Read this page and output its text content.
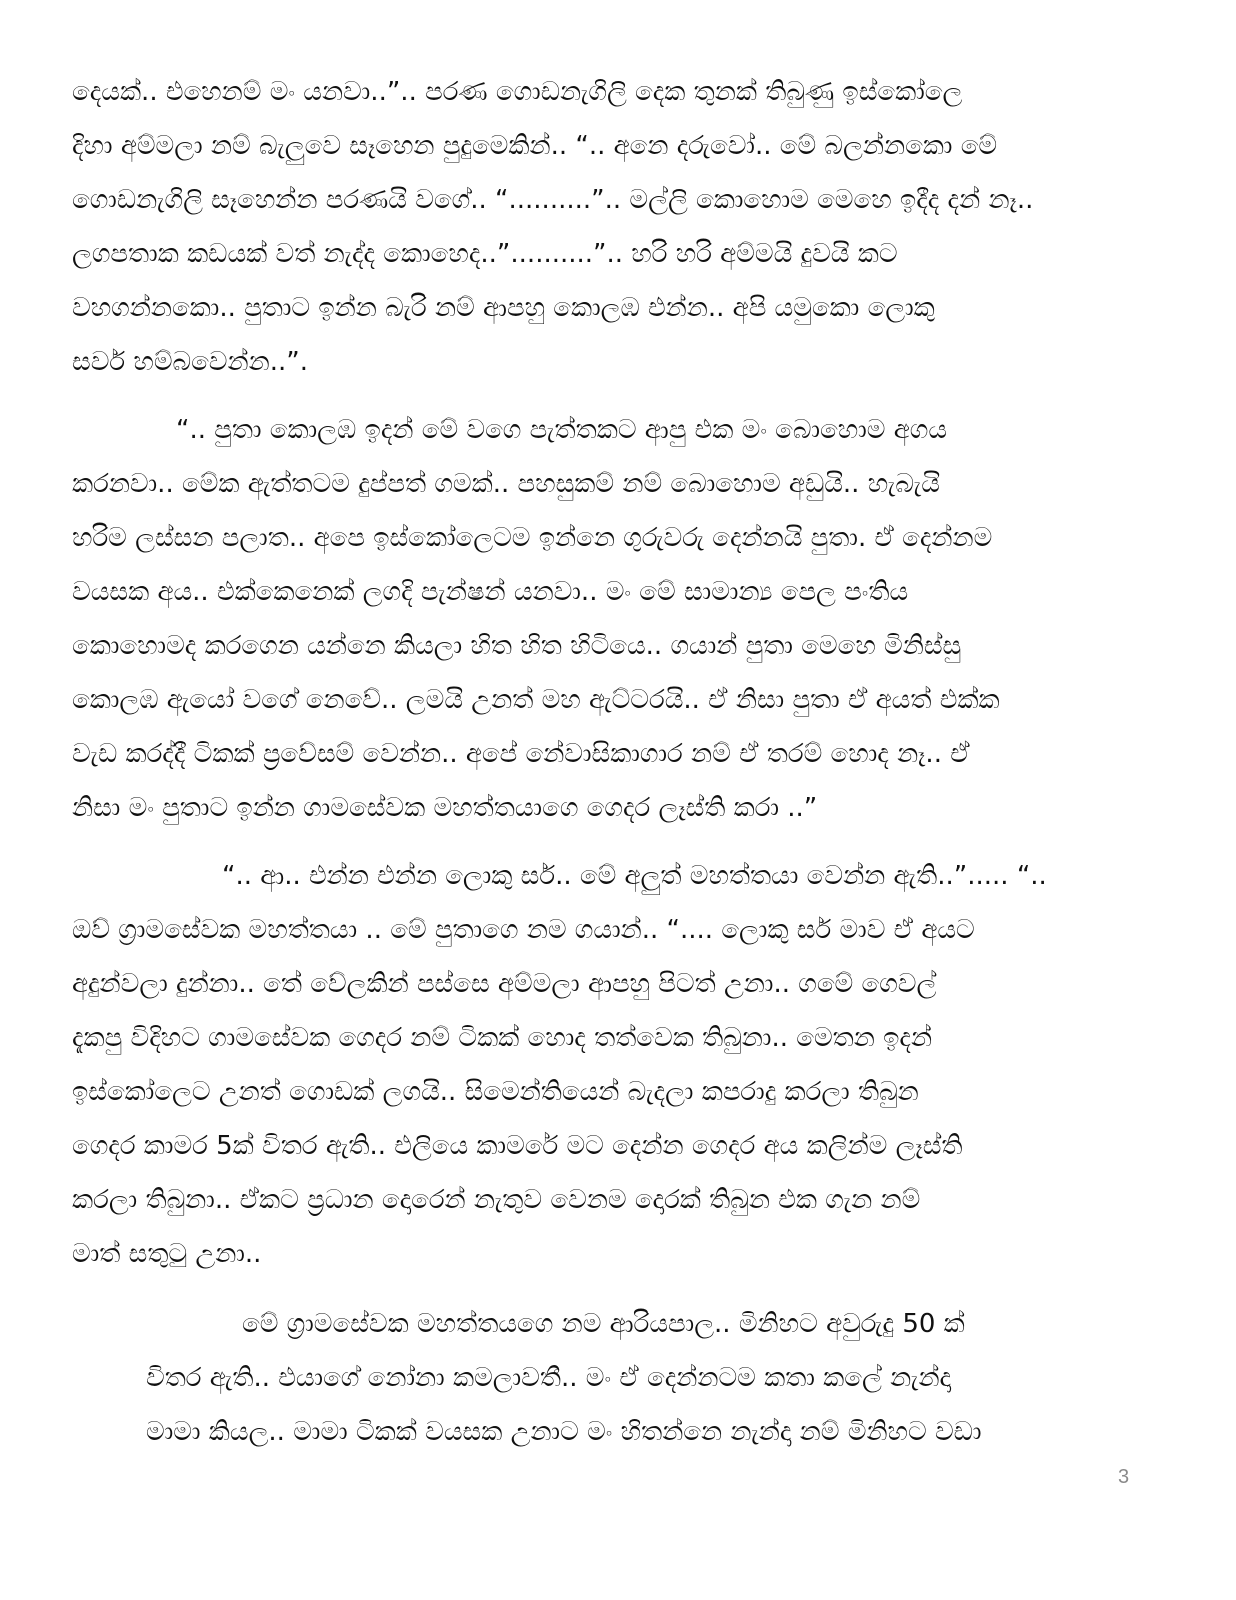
දෙයක්.. එහෙනම් මං යනවා..”.. පරණ ගොඩනැගිලි දෙක තුනක් තිබුණු ඉස්කෝලෙ

දිහා අම්මලා නම් බැලුවෙ සෑහෙන පුදුමෙකින්.. “.. අනෙ දරුවෝ.. මේ බලන්නකො මේ

ගොඩනැගිලි සෑහෙන්න පරණයි වගේ.. “..........”.. මල්ලි කොහොම මෙහෙ ඉදීද දන් නෑ..

ලගපතාක කඩයක් වත් නැද්ද කොහෙද..”..........”.. හරි හරි අම්මයි දුවයි කට

වහගන්නකො.. පුතාට ඉන්න බැරි නම් ආපහු කොලඹ එන්න.. අපි යමුකො ලොකු

සර්ව හම්බවෙන්න..”.

“.. පුතා කොලඹ ඉදන් මේ වගෙ පැත්තකට ආපු එක මං බොහොම අගය

කරනවා.. මේක ඇත්තටම දුප්පත් ගමක්.. පහසුකම් නම් බොහොම අඩුයි.. හැබැයි

හරිම ලස්සන පලාත.. අපෙ ඉස්කෝලෙටම ඉන්නෙ ගුරුවරු දෙන්නයි පුතා. ඒ දෙන්නම

වයසක අය.. එක්කෙනෙක් ලගදි පැන්ෂන් යනවා.. මං මේ සාමාන්‍ය පෙල පංතිය

කොහොමද කරගෙන යන්නෙ කියලා හිත හිත හිටියෙ.. ගයාන් පුතා මෙහෙ මිනිස්සු

කොලඹ ඇයෝ වගේ නෙවේ.. ලමයි උනත් මහ ඇට්ටරයි.. ඒ නිසා පුතා ඒ අයත් එක්ක

වැඩ කරද්දී ටිකක් ප්‍රවේසම් වෙන්න.. අපේ නේවාසිකාගාර නම් ඒ තරම් හොද නෑ.. ඒ

නිසා මං පුතාට ඉන්න ගාමසේවක මහත්තයාගෙ ගෙදර ලෑස්ති කරා ..”

“.. ආ.. එන්න එන්න ලොකු සර්.. මේ අලුත් මහත්තයා වෙන්න ඇති..”..... “..

ඔව් ග්‍රාමසේවක මහත්තයා .. මේ පුතාගෙ නම ගයාන්.. “.... ලොකු සර් මාව ඒ අයට

අදුන්වලා දුන්නා.. තේ වේලකින් පස්සෙ අම්මලා ආපහු පිටත් උනා.. ගමේ ගෙවල්

දැකපු විදිහට ගාමසේවක ගෙදර නම් ටිකක් හොද තත්වෙක තිබුනා.. මෙතන ඉදන්

ඉස්කෝලෙට උනත් ගොඩක් ලගයි.. සිමෙන්තියෙන් බැදලා කපරාදු කරලා තිබුන

ගෙදර කාමර 5ක් විතර ඇති.. එලියෙ කාමරේ මට දෙන්න ගෙදර අය කලින්ම ලෑස්ති

කරලා තිබුනා.. ඒකට ප්‍රධාන දොරෙන් නැතුව වෙනම දොරක් තිබුන එක ගැන නම්

මාත් සතුටු උනා..

මේ ග්‍රාමසේවක මහත්තයගෙ නම ආරියපාල.. මිනිහට අවුරුදු 50 ක්

විතර ඇති.. එයාගේ නෝනා කමලාවතී.. මං ඒ දෙන්නටම කතා කලේ නැන්දා

මාමා කියල.. මාමා ටිකක් වයසක උනාට මං හිතන්නෙ නැන්දා නම් මිනිහට වඩා

3
